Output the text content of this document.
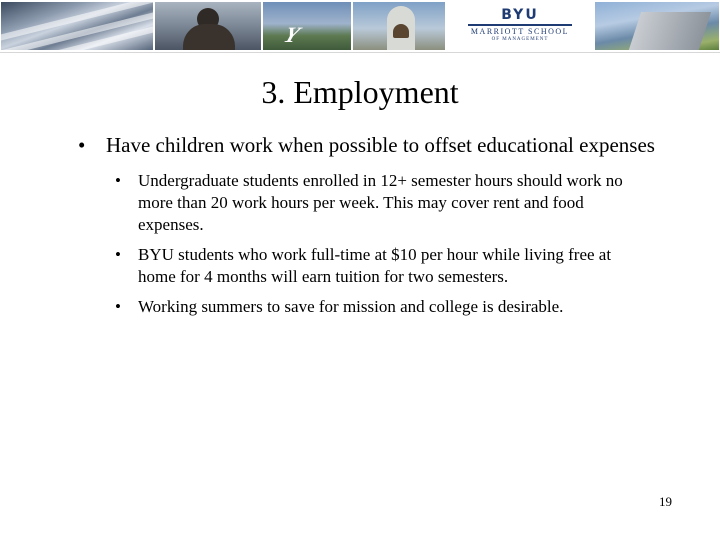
Y
BYU
MARRIOTT SCHOOL
OF MANAGEMENT
3. Employment
• Have children work when possible to offset educational expenses
• Undergraduate students enrolled in 12+ semester hours should work no more than 20 work hours per week. This may cover rent and food expenses.
• BYU students who work full-time at $10 per hour while living free at home for 4 months will earn tuition for two semesters.
• Working summers to save for mission and college is desirable.
19
